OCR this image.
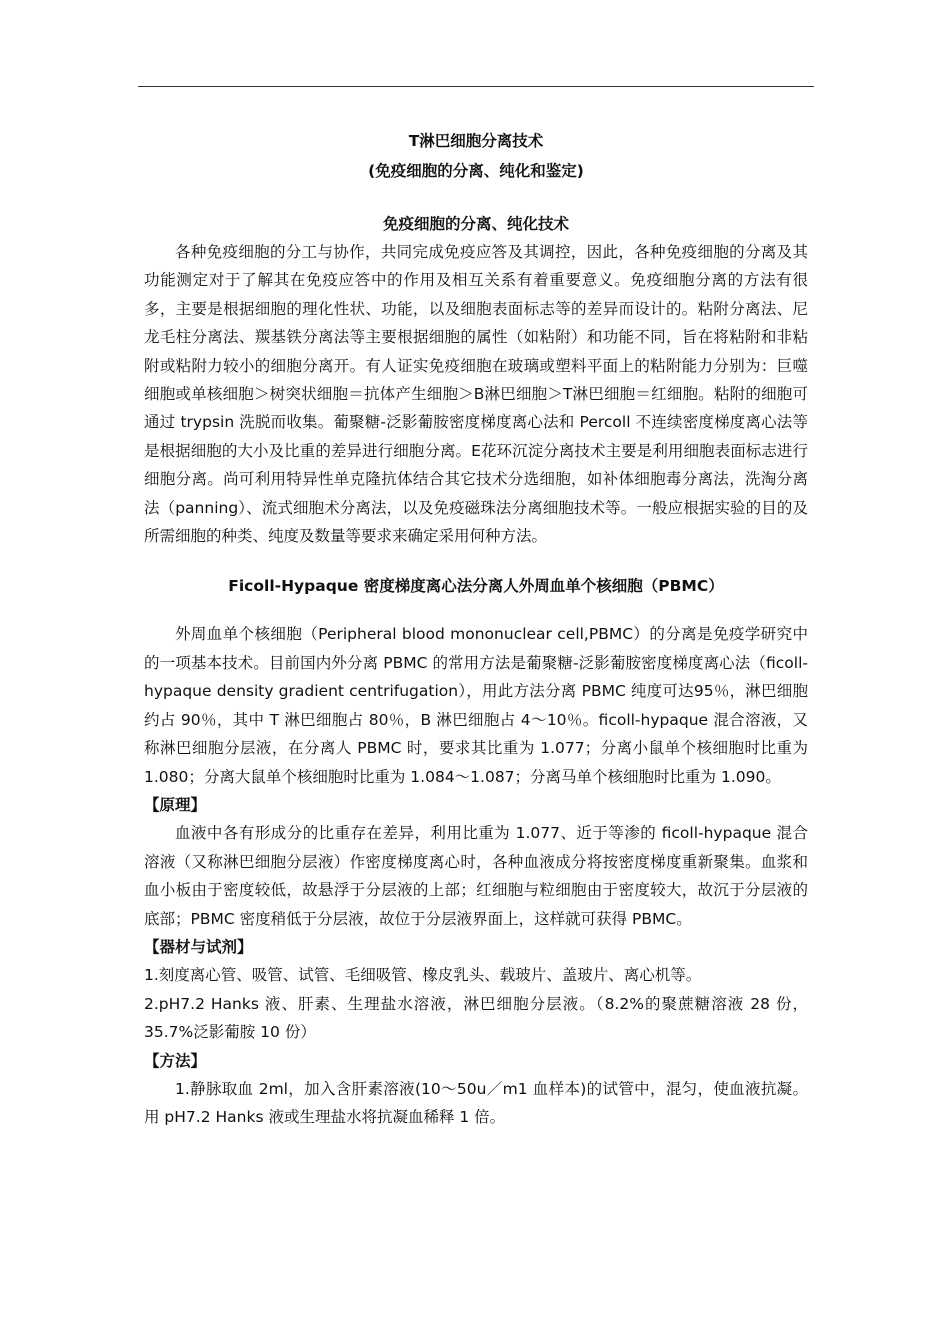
T淋巴细胞分离技术
(免疫细胞的分离、纯化和鉴定)
免疫细胞的分离、纯化技术

各种免疫细胞的分工与协作，共同完成免疫应答及其调控，因此，各种免疫细胞的分离及其功能测定对于了解其在免疫应答中的作用及相互关系有着重要意义。免疫细胞分离的方法有很多，主要是根据细胞的理化性状、功能，以及细胞表面标志等的差异而设计的。粘附分离法、尼龙毛柱分离法、羰基铁分离法等主要根据细胞的属性（如粘附）和功能不同，旨在将粘附和非粘附或粘附力较小的细胞分离开。有人证实免疫细胞在玻璃或塑料平面上的粘附能力分别为：巨噬细胞或单核细胞＞树突状细胞＝抗体产生细胞＞B淋巴细胞＞T淋巴细胞＝红细胞。粘附的细胞可通过 trypsin 洗脱而收集。葡聚糖-泛影葡胺密度梯度离心法和 Percoll 不连续密度梯度离心法等是根据细胞的大小及比重的差异进行细胞分离。E花环沉淀分离技术主要是利用细胞表面标志进行细胞分离。尚可利用特异性单克隆抗体结合其它技术分选细胞，如补体细胞毒分离法，洗淘分离法（panning）、流式细胞术分离法，以及免疫磁珠法分离细胞技术等。一般应根据实验的目的及所需细胞的种类、纯度及数量等要求来确定采用何种方法。

Ficoll-Hypaque 密度梯度离心法分离人外周血单个核细胞（PBMC）

外周血单个核细胞（Peripheral blood mononuclear cell,PBMC）的分离是免疫学研究中的一项基本技术。目前国内外分离 PBMC 的常用方法是葡聚糖-泛影葡胺密度梯度离心法（ficoll-hypaque density gradient centrifugation），用此方法分离 PBMC 纯度可达95％，淋巴细胞约占 90％，其中 T 淋巴细胞占 80％，B 淋巴细胞占 4～10％。ficoll-hypaque 混合溶液，又称淋巴细胞分层液，在分离人 PBMC 时，要求其比重为 1.077；分离小鼠单个核细胞时比重为 1.080；分离大鼠单个核细胞时比重为 1.084～1.087；分离马单个核细胞时比重为 1.090。

【原理】

血液中各有形成分的比重存在差异，利用比重为 1.077、近于等渗的 ficoll-hypaque 混合溶液（又称淋巴细胞分层液）作密度梯度离心时，各种血液成分将按密度梯度重新聚集。血浆和血小板由于密度较低，故悬浮于分层液的上部；红细胞与粒细胞由于密度较大，故沉于分层液的底部；PBMC 密度稍低于分层液，故位于分层液界面上，这样就可获得 PBMC。

【器材与试剂】

1.刻度离心管、吸管、试管、毛细吸管、橡皮乳头、载玻片、盖玻片、离心机等。

2.pH7.2 Hanks 液、肝素、生理盐水溶液，淋巴细胞分层液。（8.2%的聚蔗糖溶液 28 份，35.7%泛影葡胺 10 份）

【方法】

1.静脉取血 2ml，加入含肝素溶液(10～50u／m1 血样本)的试管中，混匀，使血液抗凝。用 pH7.2 Hanks 液或生理盐水将抗凝血稀释 1 倍。
